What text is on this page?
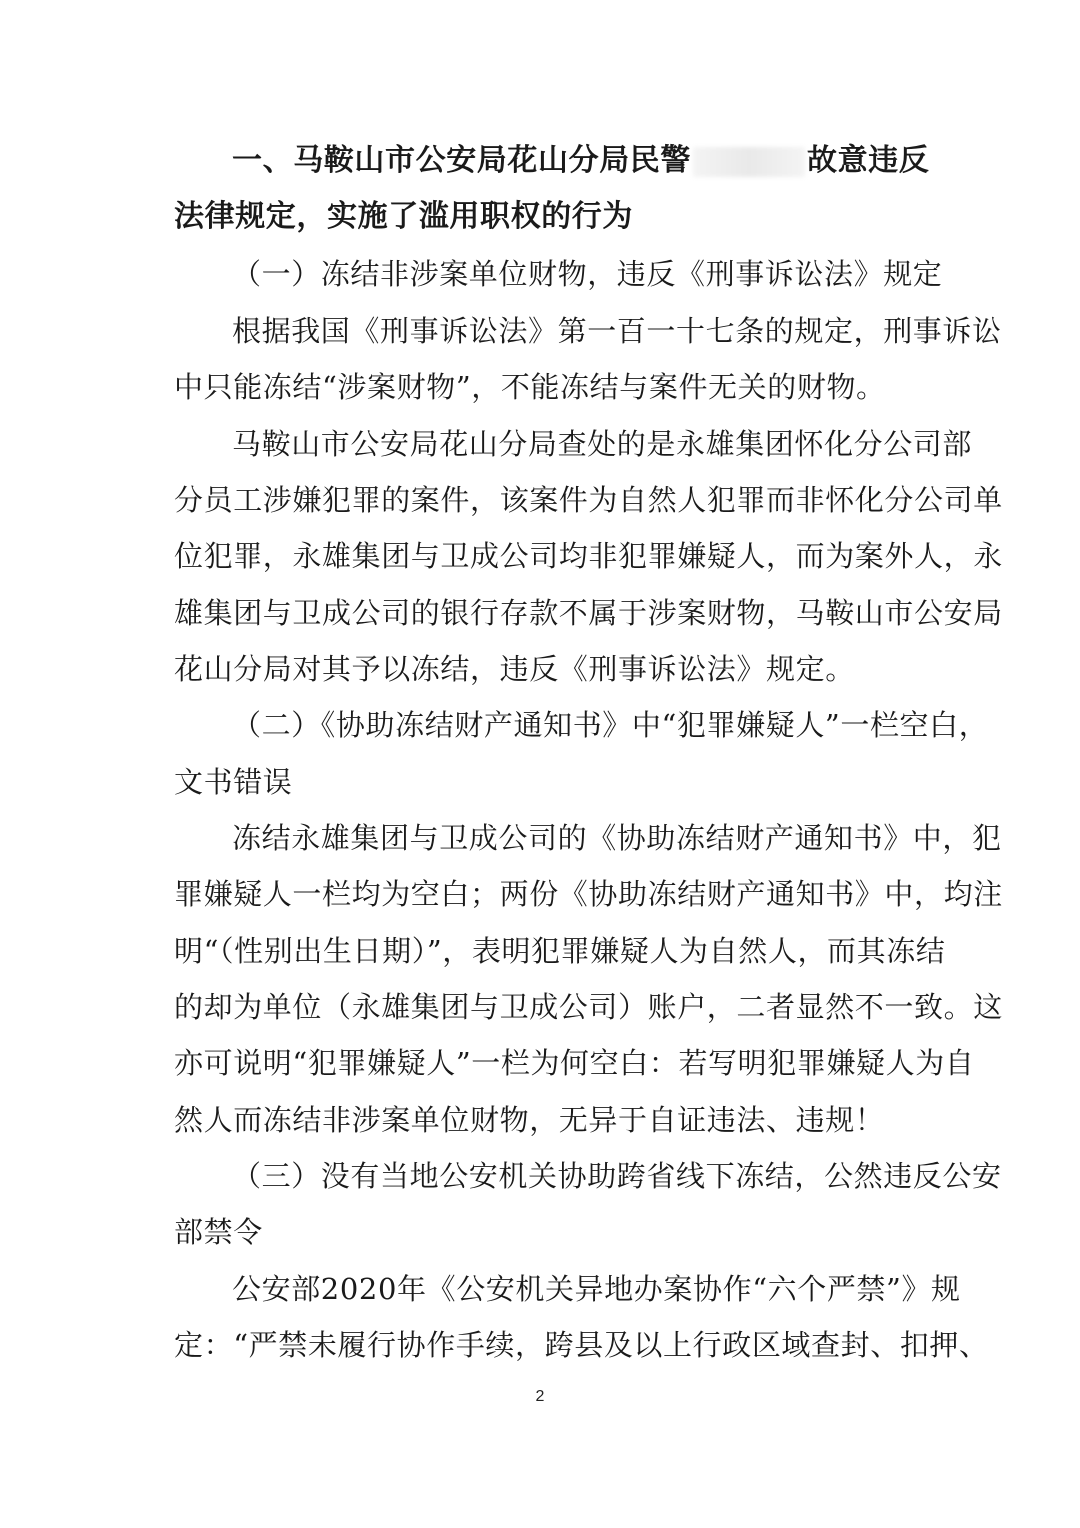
一、马鞍山市公安局花山分局民警	故意违反
法律规定，实施了滥用职权的行为
（一）冻结非涉案单位财物，违反《刑事诉讼法》规定
根据我国《刑事诉讼法》第一百一十七条的规定，刑事诉讼
中只能冻结“涉案财物”，不能冻结与案件无关的财物。
马鞍山市公安局花山分局查处的是永雄集团怀化分公司部
分员工涉嫌犯罪的案件，该案件为自然人犯罪而非怀化分公司单
位犯罪，永雄集团与卫成公司均非犯罪嫌疑人，而为案外人，永
雄集团与卫成公司的银行存款不属于涉案财物，马鞍山市公安局
花山分局对其予以冻结，违反《刑事诉讼法》规定。
（二）《协助冻结财产通知书》中“犯罪嫌疑人”一栏空白，
文书错误
冻结永雄集团与卫成公司的《协助冻结财产通知书》中，犯
罪嫌疑人一栏均为空白；两份《协助冻结财产通知书》中，均注
明“（性别出生日期）”，表明犯罪嫌疑人为自然人，而其冻结
的却为单位（永雄集团与卫成公司）账户，二者显然不一致。这
亦可说明“犯罪嫌疑人”一栏为何空白：若写明犯罪嫌疑人为自
然人而冻结非涉案单位财物，无异于自证违法、违规！
（三）没有当地公安机关协助跨省线下冻结，公然违反公安
部禁令
公安部2020年《公安机关异地办案协作“六个严禁”》规
定：“严禁未履行协作手续，跨县及以上行政区域查封、扣押、
2
